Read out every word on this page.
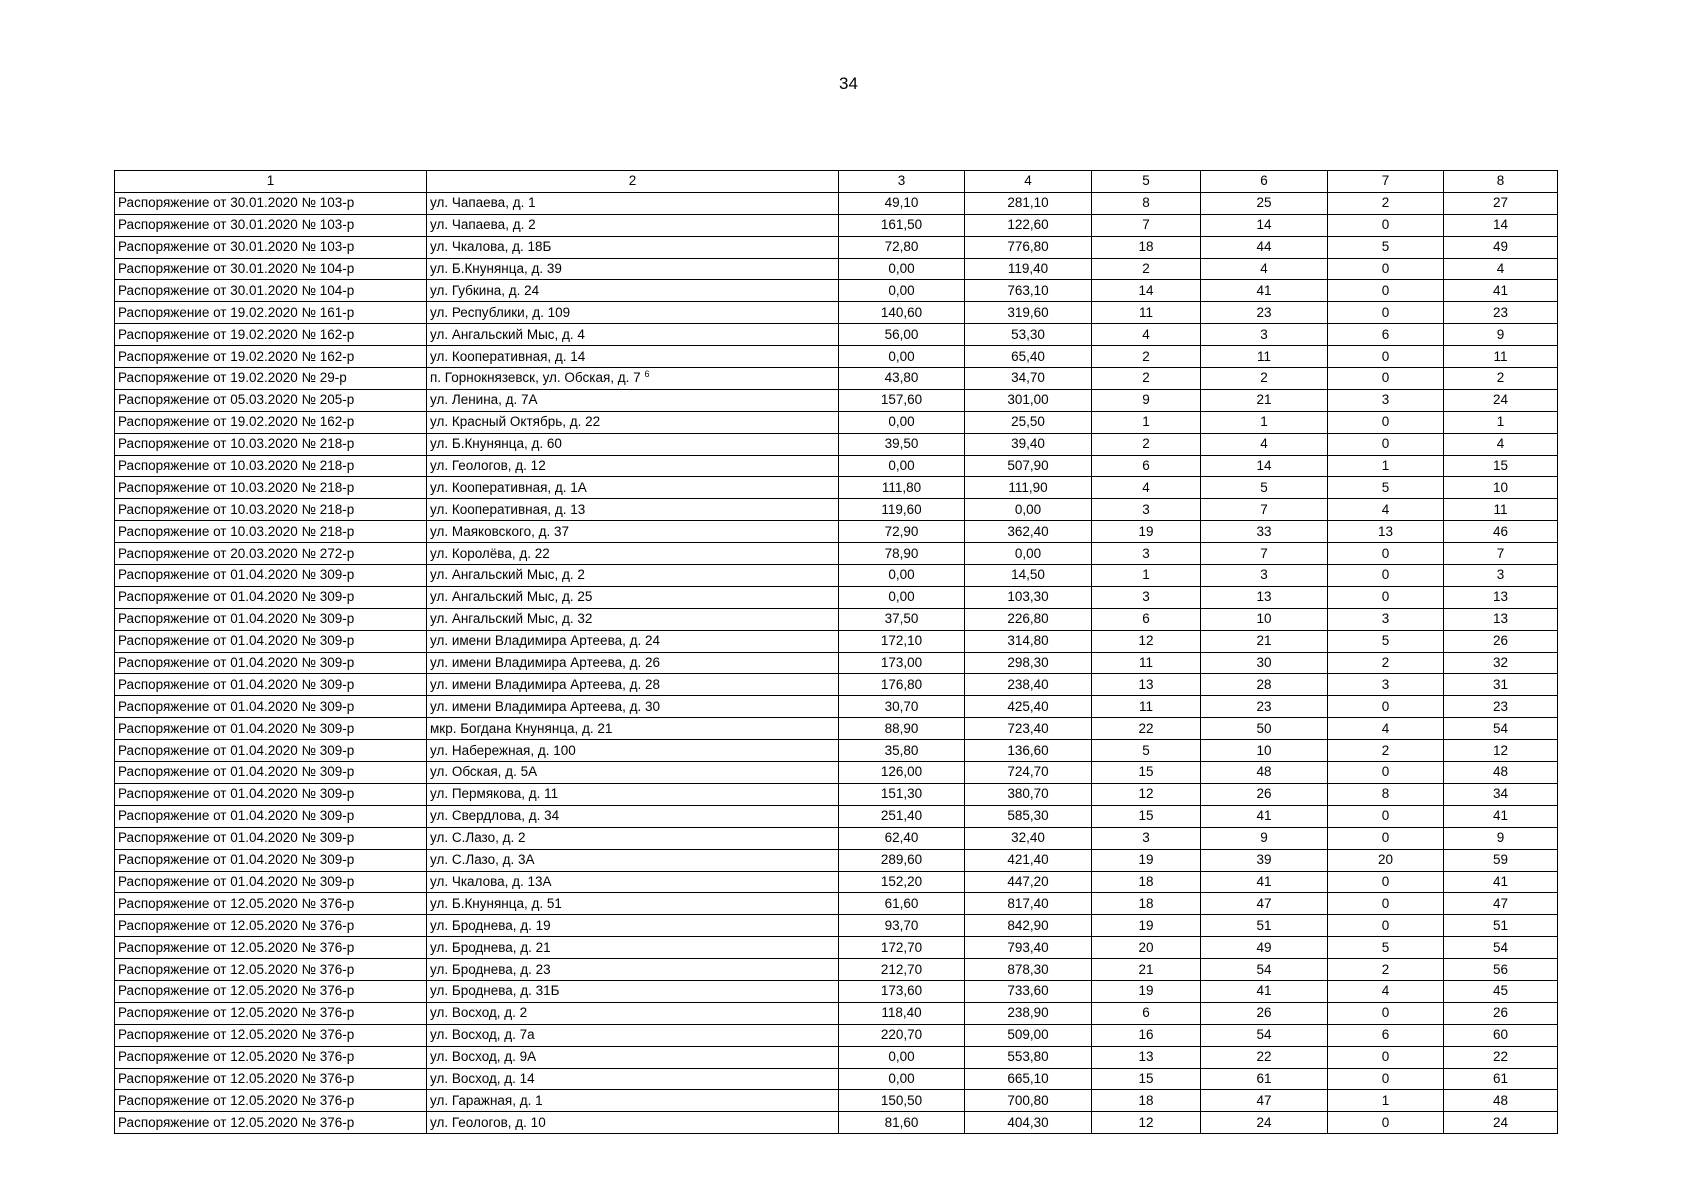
34
1	2	3	4	5	6	7	8
Распоряжение от 30.01.2020 № 103-р	ул. Чапаева, д. 1	49,10	281,10	8	25	2	27
Распоряжение от 30.01.2020 № 103-р	ул. Чапаева, д. 2	161,50	122,60	7	14	0	14
Распоряжение от 30.01.2020 № 103-р	ул. Чкалова, д. 18Б	72,80	776,80	18	44	5	49
Распоряжение от 30.01.2020 № 104-р	ул. Б.Кнунянца, д. 39	0,00	119,40	2	4	0	4
Распоряжение от 30.01.2020 № 104-р	ул. Губкина, д. 24	0,00	763,10	14	41	0	41
Распоряжение от 19.02.2020 № 161-р	ул. Республики, д. 109	140,60	319,60	11	23	0	23
Распоряжение от 19.02.2020 № 162-р	ул. Ангальский Мыс, д. 4	56,00	53,30	4	3	6	9
Распоряжение от 19.02.2020 № 162-р	ул. Кооперативная, д. 14	0,00	65,40	2	11	0	11
Распоряжение от 19.02.2020 № 29-р	п. Горнокнязевск, ул. Обская, д. 7 $^6$	43,80	34,70	2	2	0	2
Распоряжение от 05.03.2020 № 205-р	ул. Ленина, д. 7А	157,60	301,00	9	21	3	24
Распоряжение от 19.02.2020 № 162-р	ул. Красный Октябрь, д. 22	0,00	25,50	1	1	0	1
Распоряжение от 10.03.2020 № 218-р	ул. Б.Кнунянца, д. 60	39,50	39,40	2	4	0	4
Распоряжение от 10.03.2020 № 218-р	ул. Геологов, д. 12	0,00	507,90	6	14	1	15
Распоряжение от 10.03.2020 № 218-р	ул. Кооперативная, д. 1А	111,80	111,90	4	5	5	10
Распоряжение от 10.03.2020 № 218-р	ул. Кооперативная, д. 13	119,60	0,00	3	7	4	11
Распоряжение от 10.03.2020 № 218-р	ул. Маяковского, д. 37	72,90	362,40	19	33	13	46
Распоряжение от 20.03.2020 № 272-р	ул. Королёва, д. 22	78,90	0,00	3	7	0	7
Распоряжение от 01.04.2020 № 309-р	ул. Ангальский Мыс, д. 2	0,00	14,50	1	3	0	3
Распоряжение от 01.04.2020 № 309-р	ул. Ангальский Мыс, д. 25	0,00	103,30	3	13	0	13
Распоряжение от 01.04.2020 № 309-р	ул. Ангальский Мыс, д. 32	37,50	226,80	6	10	3	13
Распоряжение от 01.04.2020 № 309-р	ул. имени Владимира Артеева, д. 24	172,10	314,80	12	21	5	26
Распоряжение от 01.04.2020 № 309-р	ул. имени Владимира Артеева, д. 26	173,00	298,30	11	30	2	32
Распоряжение от 01.04.2020 № 309-р	ул. имени Владимира Артеева, д. 28	176,80	238,40	13	28	3	31
Распоряжение от 01.04.2020 № 309-р	ул. имени Владимира Артеева, д. 30	30,70	425,40	11	23	0	23
Распоряжение от 01.04.2020 № 309-р	мкр. Богдана Кнунянца, д. 21	88,90	723,40	22	50	4	54
Распоряжение от 01.04.2020 № 309-р	ул. Набережная, д. 100	35,80	136,60	5	10	2	12
Распоряжение от 01.04.2020 № 309-р	ул. Обская, д. 5А	126,00	724,70	15	48	0	48
Распоряжение от 01.04.2020 № 309-р	ул. Пермякова, д. 11	151,30	380,70	12	26	8	34
Распоряжение от 01.04.2020 № 309-р	ул. Свердлова, д. 34	251,40	585,30	15	41	0	41
Распоряжение от 01.04.2020 № 309-р	ул. С.Лазо, д. 2	62,40	32,40	3	9	0	9
Распоряжение от 01.04.2020 № 309-р	ул. С.Лазо, д. 3А	289,60	421,40	19	39	20	59
Распоряжение от 01.04.2020 № 309-р	ул. Чкалова, д. 13А	152,20	447,20	18	41	0	41
Распоряжение от 12.05.2020 № 376-р	ул. Б.Кнунянца, д. 51	61,60	817,40	18	47	0	47
Распоряжение от 12.05.2020 № 376-р	ул. Броднева, д. 19	93,70	842,90	19	51	0	51
Распоряжение от 12.05.2020 № 376-р	ул. Броднева, д. 21	172,70	793,40	20	49	5	54
Распоряжение от 12.05.2020 № 376-р	ул. Броднева, д. 23	212,70	878,30	21	54	2	56
Распоряжение от 12.05.2020 № 376-р	ул. Броднева, д. 31Б	173,60	733,60	19	41	4	45
Распоряжение от 12.05.2020 № 376-р	ул. Восход, д. 2	118,40	238,90	6	26	0	26
Распоряжение от 12.05.2020 № 376-р	ул. Восход, д. 7а	220,70	509,00	16	54	6	60
Распоряжение от 12.05.2020 № 376-р	ул. Восход, д. 9А	0,00	553,80	13	22	0	22
Распоряжение от 12.05.2020 № 376-р	ул. Восход, д. 14	0,00	665,10	15	61	0	61
Распоряжение от 12.05.2020 № 376-р	ул. Гаражная, д. 1	150,50	700,80	18	47	1	48
Распоряжение от 12.05.2020 № 376-р	ул. Геологов, д. 10	81,60	404,30	12	24	0	24
